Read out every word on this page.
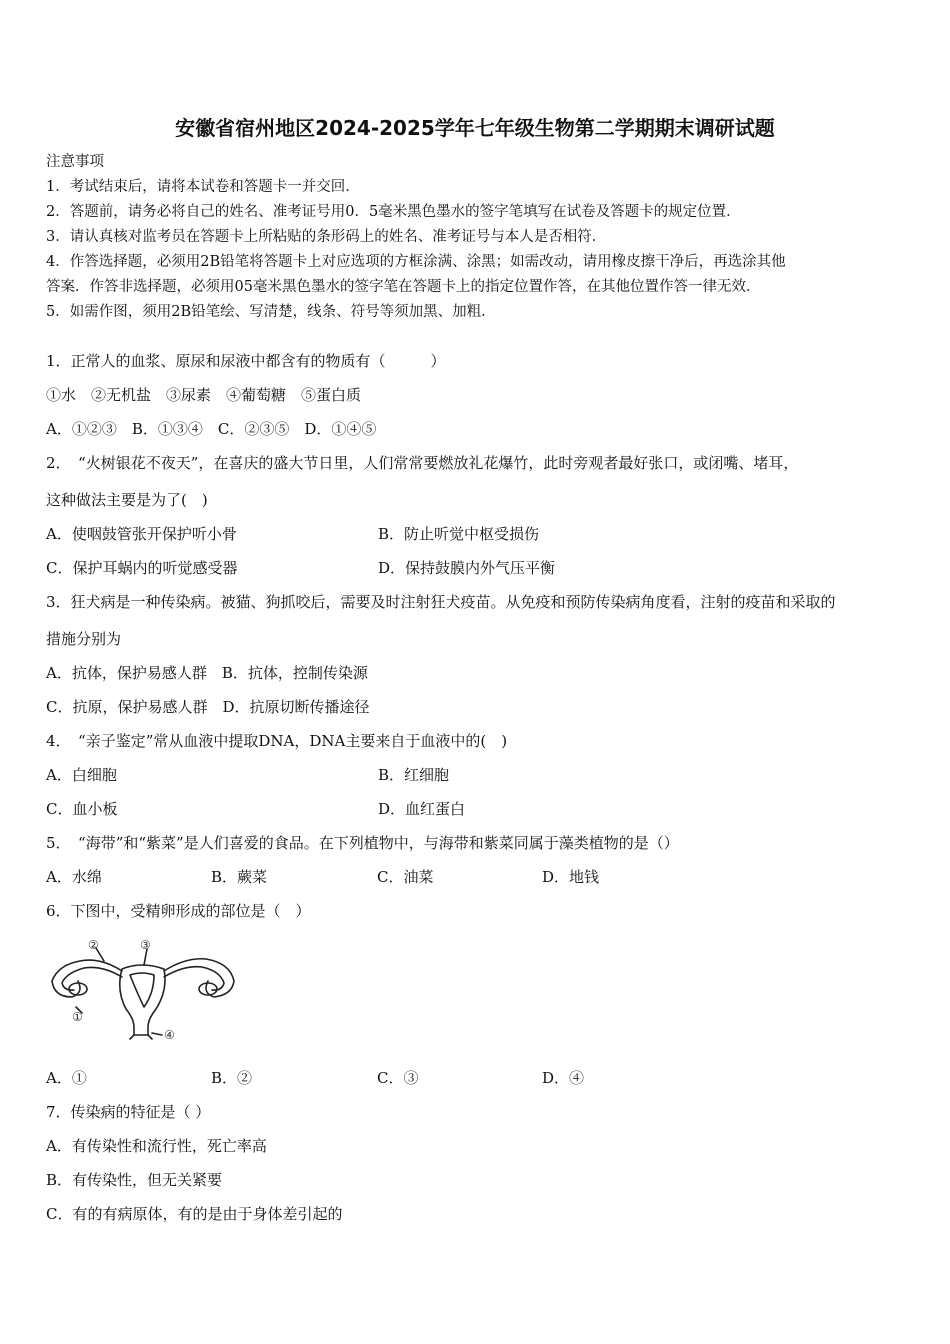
安徽省宿州地区2024-2025学年七年级生物第二学期期末调研试题
注意事项
1．考试结束后，请将本试卷和答题卡一并交回．
2．答题前，请务必将自己的姓名、准考证号用0．5毫米黑色墨水的签字笔填写在试卷及答题卡的规定位置．
3．请认真核对监考员在答题卡上所粘贴的条形码上的姓名、准考证号与本人是否相符．
4．作答选择题，必须用2B铅笔将答题卡上对应选项的方框涂满、涂黑；如需改动，请用橡皮擦干净后，再选涂其他
答案．作答非选择题，必须用05毫米黑色墨水的签字笔在答题卡上的指定位置作答，在其他位置作答一律无效．
5．如需作图，须用2B铅笔绘、写清楚，线条、符号等须加黑、加粗．
1．正常人的血浆、原尿和尿液中都含有的物质有（　　　）
①水　②无机盐　③尿素　④葡萄糖　⑤蛋白质
A．①②③　B．①③④　C．②③⑤　D．①④⑤
2．　“火树银花不夜天”，在喜庆的盛大节日里，人们常常要燃放礼花爆竹，此时旁观者最好张口，或闭嘴、堵耳，
这种做法主要是为了(　)
A．使咽鼓管张开保护听小骨	B．防止听觉中枢受损伤
C．保护耳蜗内的听觉感受器	D．保持鼓膜内外气压平衡
3．狂犬病是一种传染病。被猫、狗抓咬后，需要及时注射狂犬疫苗。从免疫和预防传染病角度看，注射的疫苗和采取的
措施分别为
A．抗体，保护易感人群　B．抗体，控制传染源
C．抗原，保护易感人群　D．抗原切断传播途径
4．　“亲子鉴定”常从血液中提取DNA，DNA主要来自于血液中的(　)
A．白细胞	B．红细胞
C．血小板	D．血红蛋白
5．　“海带”和“紫菜”是人们喜爱的食品。在下列植物中，与海带和紫菜同属于藻类植物的是（）
A．水绵	B．蕨菜	C．油菜	D．地钱
6．下图中，受精卵形成的部位是（　）
②	③
①
④
A．①	B．②	C．③	D．④
7．传染病的特征是（ ）
A．有传染性和流行性，死亡率高
B．有传染性，但无关紧要
C．有的有病原体，有的是由于身体差引起的
